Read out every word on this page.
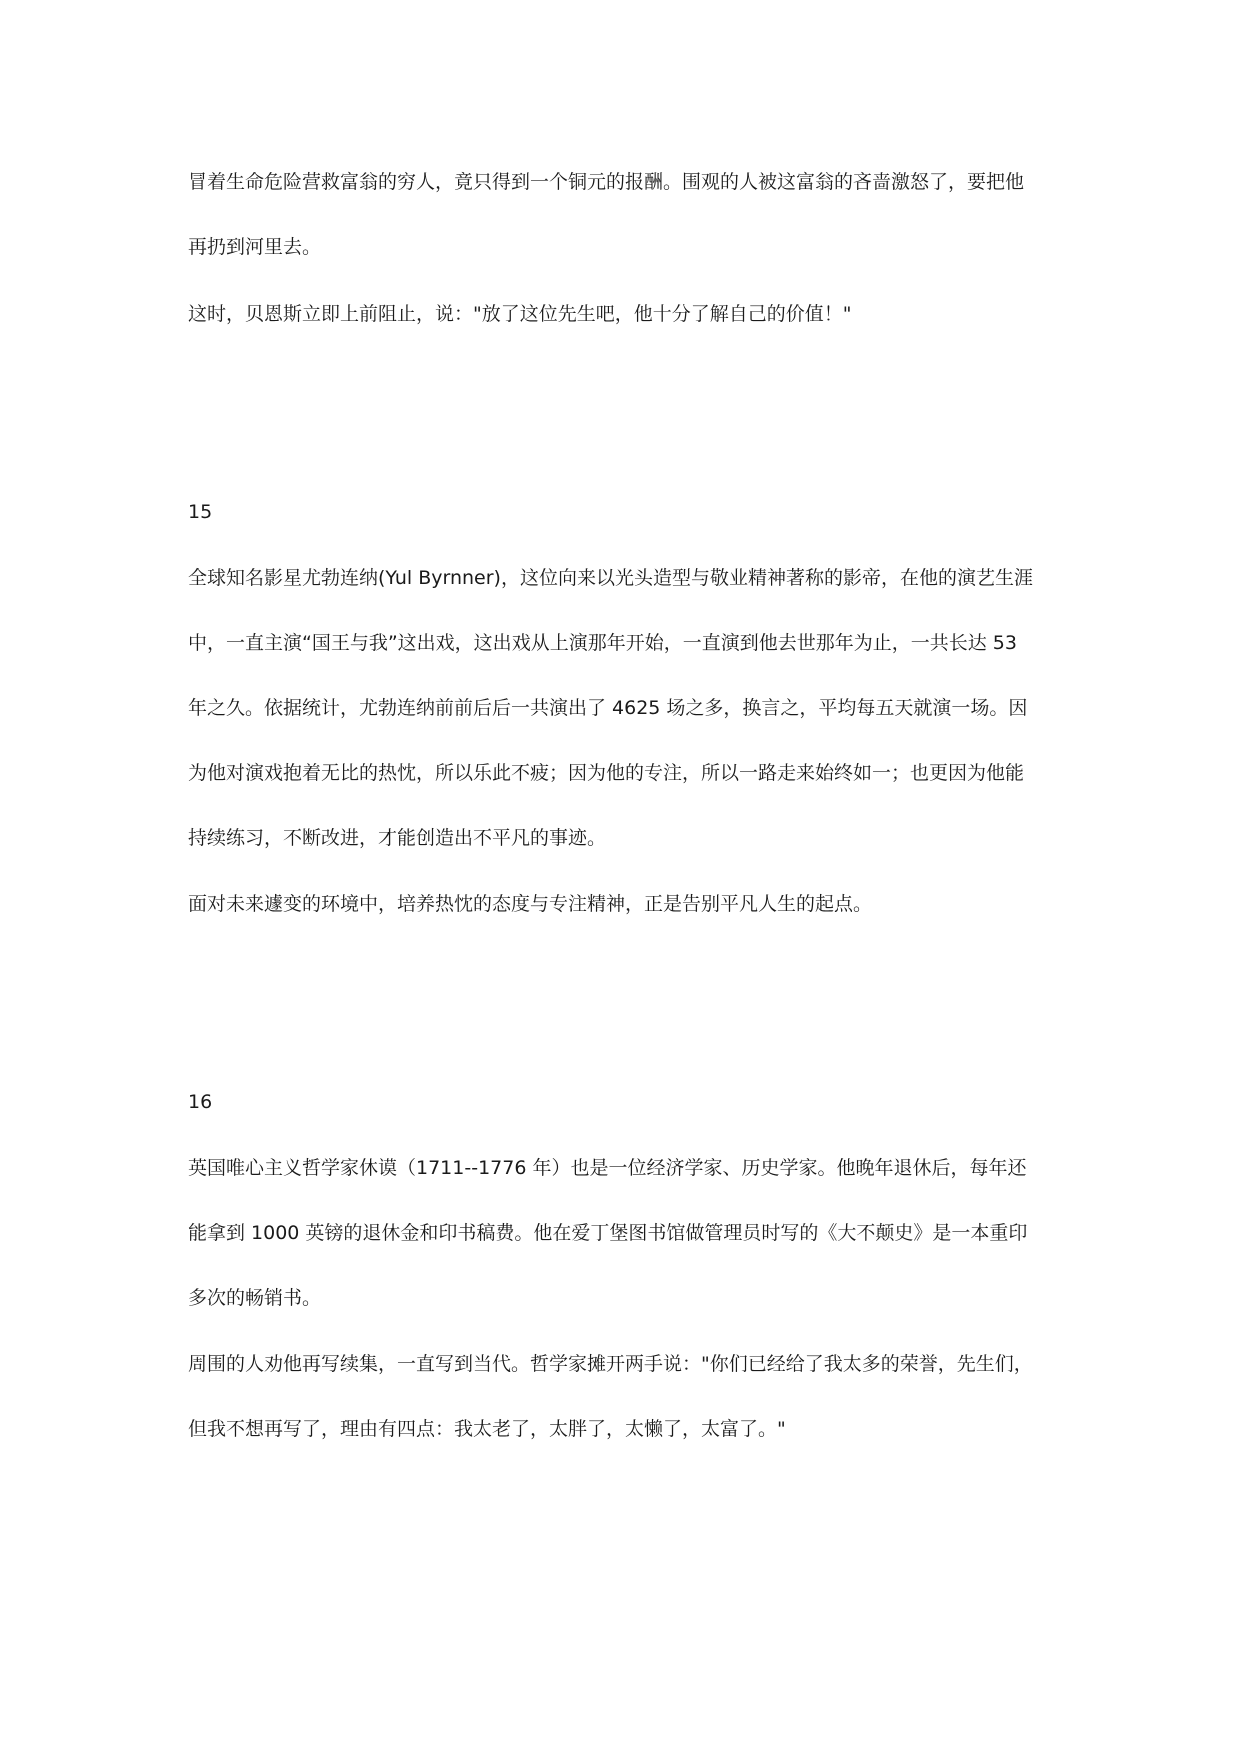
冒着生命危险营救富翁的穷人，竟只得到一个铜元的报酬。围观的人被这富翁的吝啬激怒了，要把他
再扔到河里去。
这时，贝恩斯立即上前阻止，说："放了这位先生吧，他十分了解自己的价值！"
15
全球知名影星尤勃连纳(Yul Byrnner)，这位向来以光头造型与敬业精神著称的影帝，在他的演艺生涯
中，一直主演“国王与我”这出戏，这出戏从上演那年开始，一直演到他去世那年为止，一共长达 53
年之久。依据统计，尤勃连纳前前后后一共演出了 4625 场之多，换言之，平均每五天就演一场。因
为他对演戏抱着无比的热忱，所以乐此不疲；因为他的专注，所以一路走来始终如一；也更因为他能
持续练习，不断改进，才能创造出不平凡的事迹。
面对未来遽变的环境中，培养热忱的态度与专注精神，正是告别平凡人生的起点。
16
英国唯心主义哲学家休谟（1711--1776 年）也是一位经济学家、历史学家。他晚年退休后，每年还
能拿到 1000 英镑的退休金和印书稿费。他在爱丁堡图书馆做管理员时写的《大不颠史》是一本重印
多次的畅销书。
周围的人劝他再写续集，一直写到当代。哲学家摊开两手说："你们已经给了我太多的荣誉，先生们，
但我不想再写了，理由有四点：我太老了，太胖了，太懒了，太富了。"
